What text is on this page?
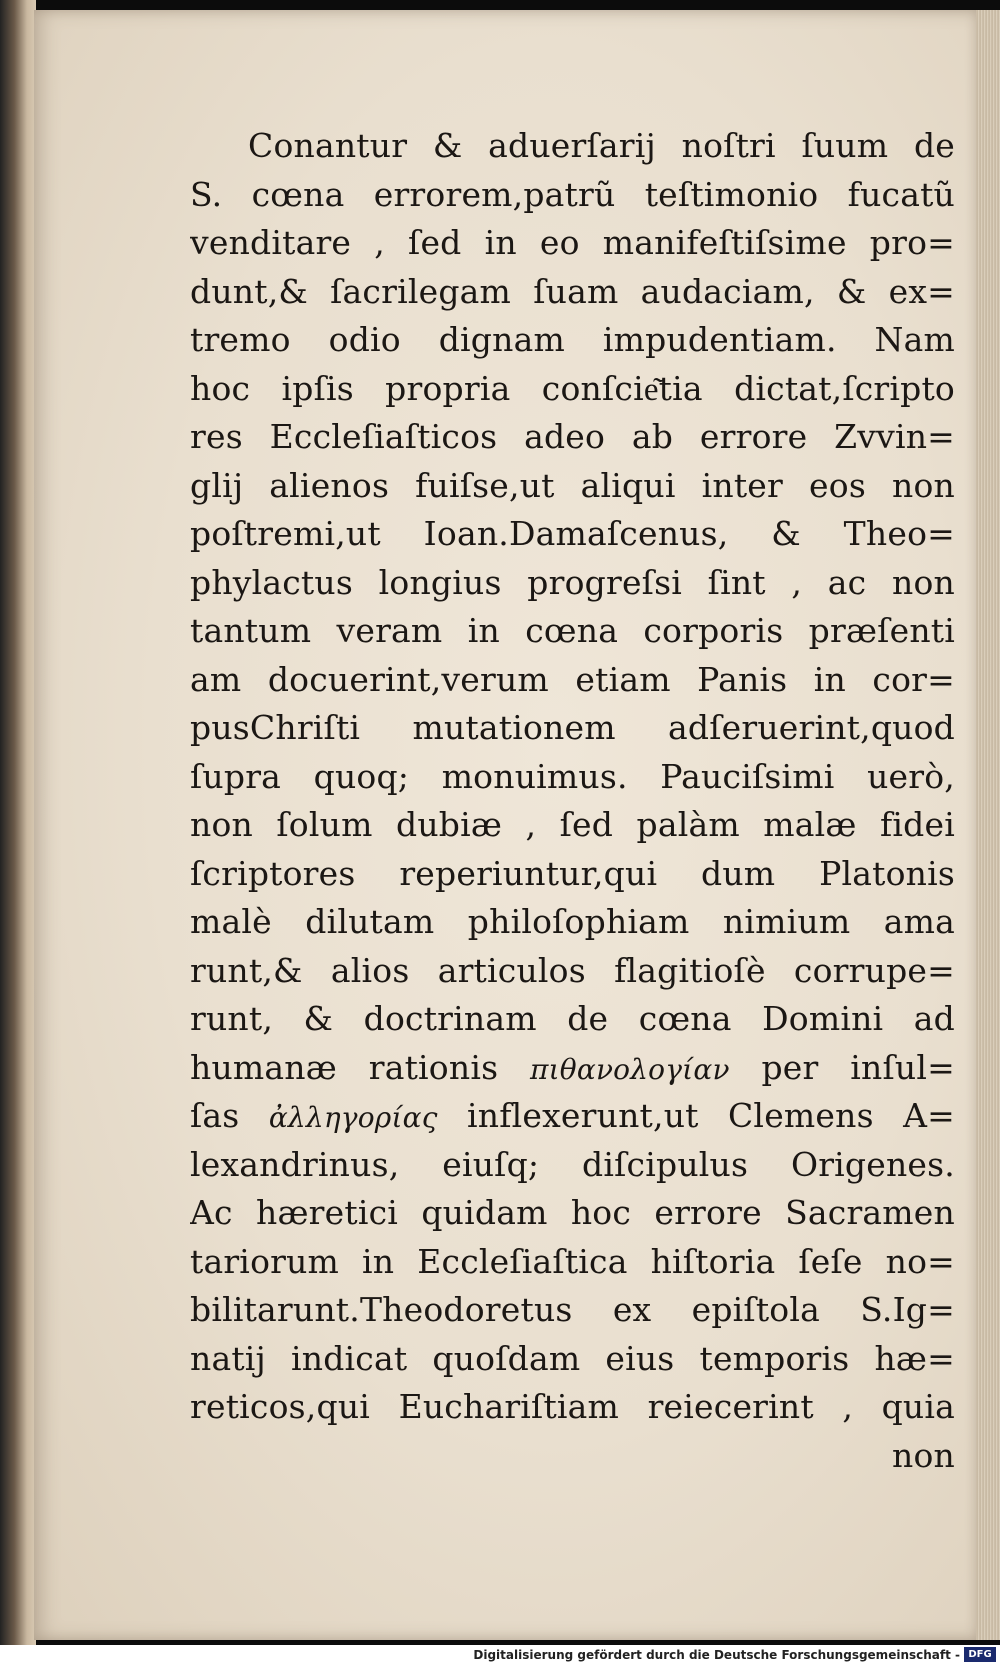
Conantur & aduerſarij noſtri ſuum de
S. cœna errorem,patrũ teſtimonio fucatũ
venditare , ſed in eo manifeſtiſsime pro=
dunt,& ſacrilegam ſuam audaciam, & ex=
tremo odio dignam impudentiam. Nam
hoc ipſis propria conſcie͂tia dictat,ſcripto
res Eccleſiaſticos adeo ab errore Zvvin=
glij alienos fuiſse,ut aliqui inter eos non
poſtremi,ut Ioan.Damaſcenus, & Theo=
phylactus longius progreſsi ſint , ac non
tantum veram in cœna corporis præſenti
am docuerint,verum etiam Panis in cor=
pusChriſti mutationem adſeruerint,quod
ſupra quoq; monuimus. Pauciſsimi uerò,
non ſolum dubiæ , ſed palàm malæ fidei
ſcriptores reperiuntur,qui dum Platonis
malè dilutam philoſophiam nimium ama
runt,& alios articulos flagitioſè corrupe=
runt, & doctrinam de cœna Domini ad
humanæ rationis πιθανολογίαν per inſul=
ſas ἀλληγορίας inflexerunt,ut Clemens A=
lexandrinus, eiuſq; diſcipulus Origenes.
Ac hæretici quidam hoc errore Sacramen
tariorum in Eccleſiaſtica hiſtoria ſeſe no=
bilitarunt.Theodoretus ex epiſtola S.Ig=
natij indicat quoſdam eius temporis hæ=
reticos,qui Euchariſtiam reiecerint , quia
non
Digitalisierung gefördert durch die Deutsche Forschungsgemeinschaft - DFG
